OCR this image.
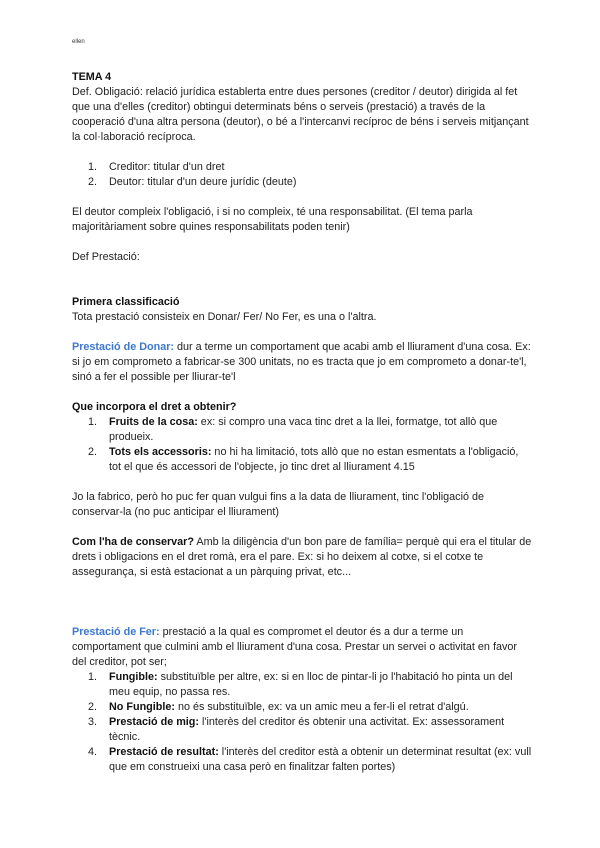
ellen

TEMA 4

Def. Obligació: relació jurídica establerta entre dues persones (creditor / deutor) dirigida al fet que una d'elles (creditor) obtingui determinats béns o serveis (prestació) a través de la cooperació d'una altra persona (deutor), o bé a l'intercanvi recíproc de béns i serveis mitjançant la col·laboració recíproca.

1. Creditor: titular d'un dret
2. Deutor: titular d'un deure jurídic (deute)

El deutor compleix l'obligació, i si no compleix, té una responsabilitat. (El tema parla majoritàriament sobre quines responsabilitats poden tenir)

Def Prestació:

Primera classificació

Tota prestació consisteix en Donar/ Fer/ No Fer, es una o l'altra.

Prestació de Donar: dur a terme un comportament que acabi amb el lliurament d'una cosa. Ex: si jo em comprometo a fabricar-se 300 unitats, no es tracta que jo em comprometo a donar-te'l, sinó a fer el possible per lliurar-te'l

Que incorpora el dret a obtenir?

1. Fruits de la cosa: ex: si compro una vaca tinc dret a la llei, formatge, tot allò que produeix.
2. Tots els accessoris: no hi ha limitació, tots allò que no estan esmentats a l'obligació, tot el que és accessori de l'objecte, jo tinc dret al lliurament 4.15

Jo la fabrico, però ho puc fer quan vulgui fins a la data de lliurament, tinc l'obligació de conservar-la (no puc anticipar el lliurament)

Com l'ha de conservar? Amb la diligència d'un bon pare de família= perquè qui era el titular de drets i obligacions en el dret romà, era el pare. Ex: si ho deixem al cotxe, si el cotxe te assegurança, si està estacionat a un pàrquing privat, etc...

Prestació de Fer: prestació a la qual es compromet el deutor és a dur a terme un comportament que culmini amb el lliurament d'una cosa. Prestar un servei o activitat en favor del creditor, pot ser;

1. Fungible: substituïble per altre, ex: si en lloc de pintar-li jo l'habitació ho pinta un del meu equip, no passa res.
2. No Fungible: no és substituïble, ex: va un amic meu a fer-li el retrat d'algú.
3. Prestació de mig: l'interès del creditor és obtenir una activitat. Ex: assessorament tècnic.
4. Prestació de resultat: l'interès del creditor està a obtenir un determinat resultat (ex: vull que em construeixi una casa però en finalitzar falten portes)
